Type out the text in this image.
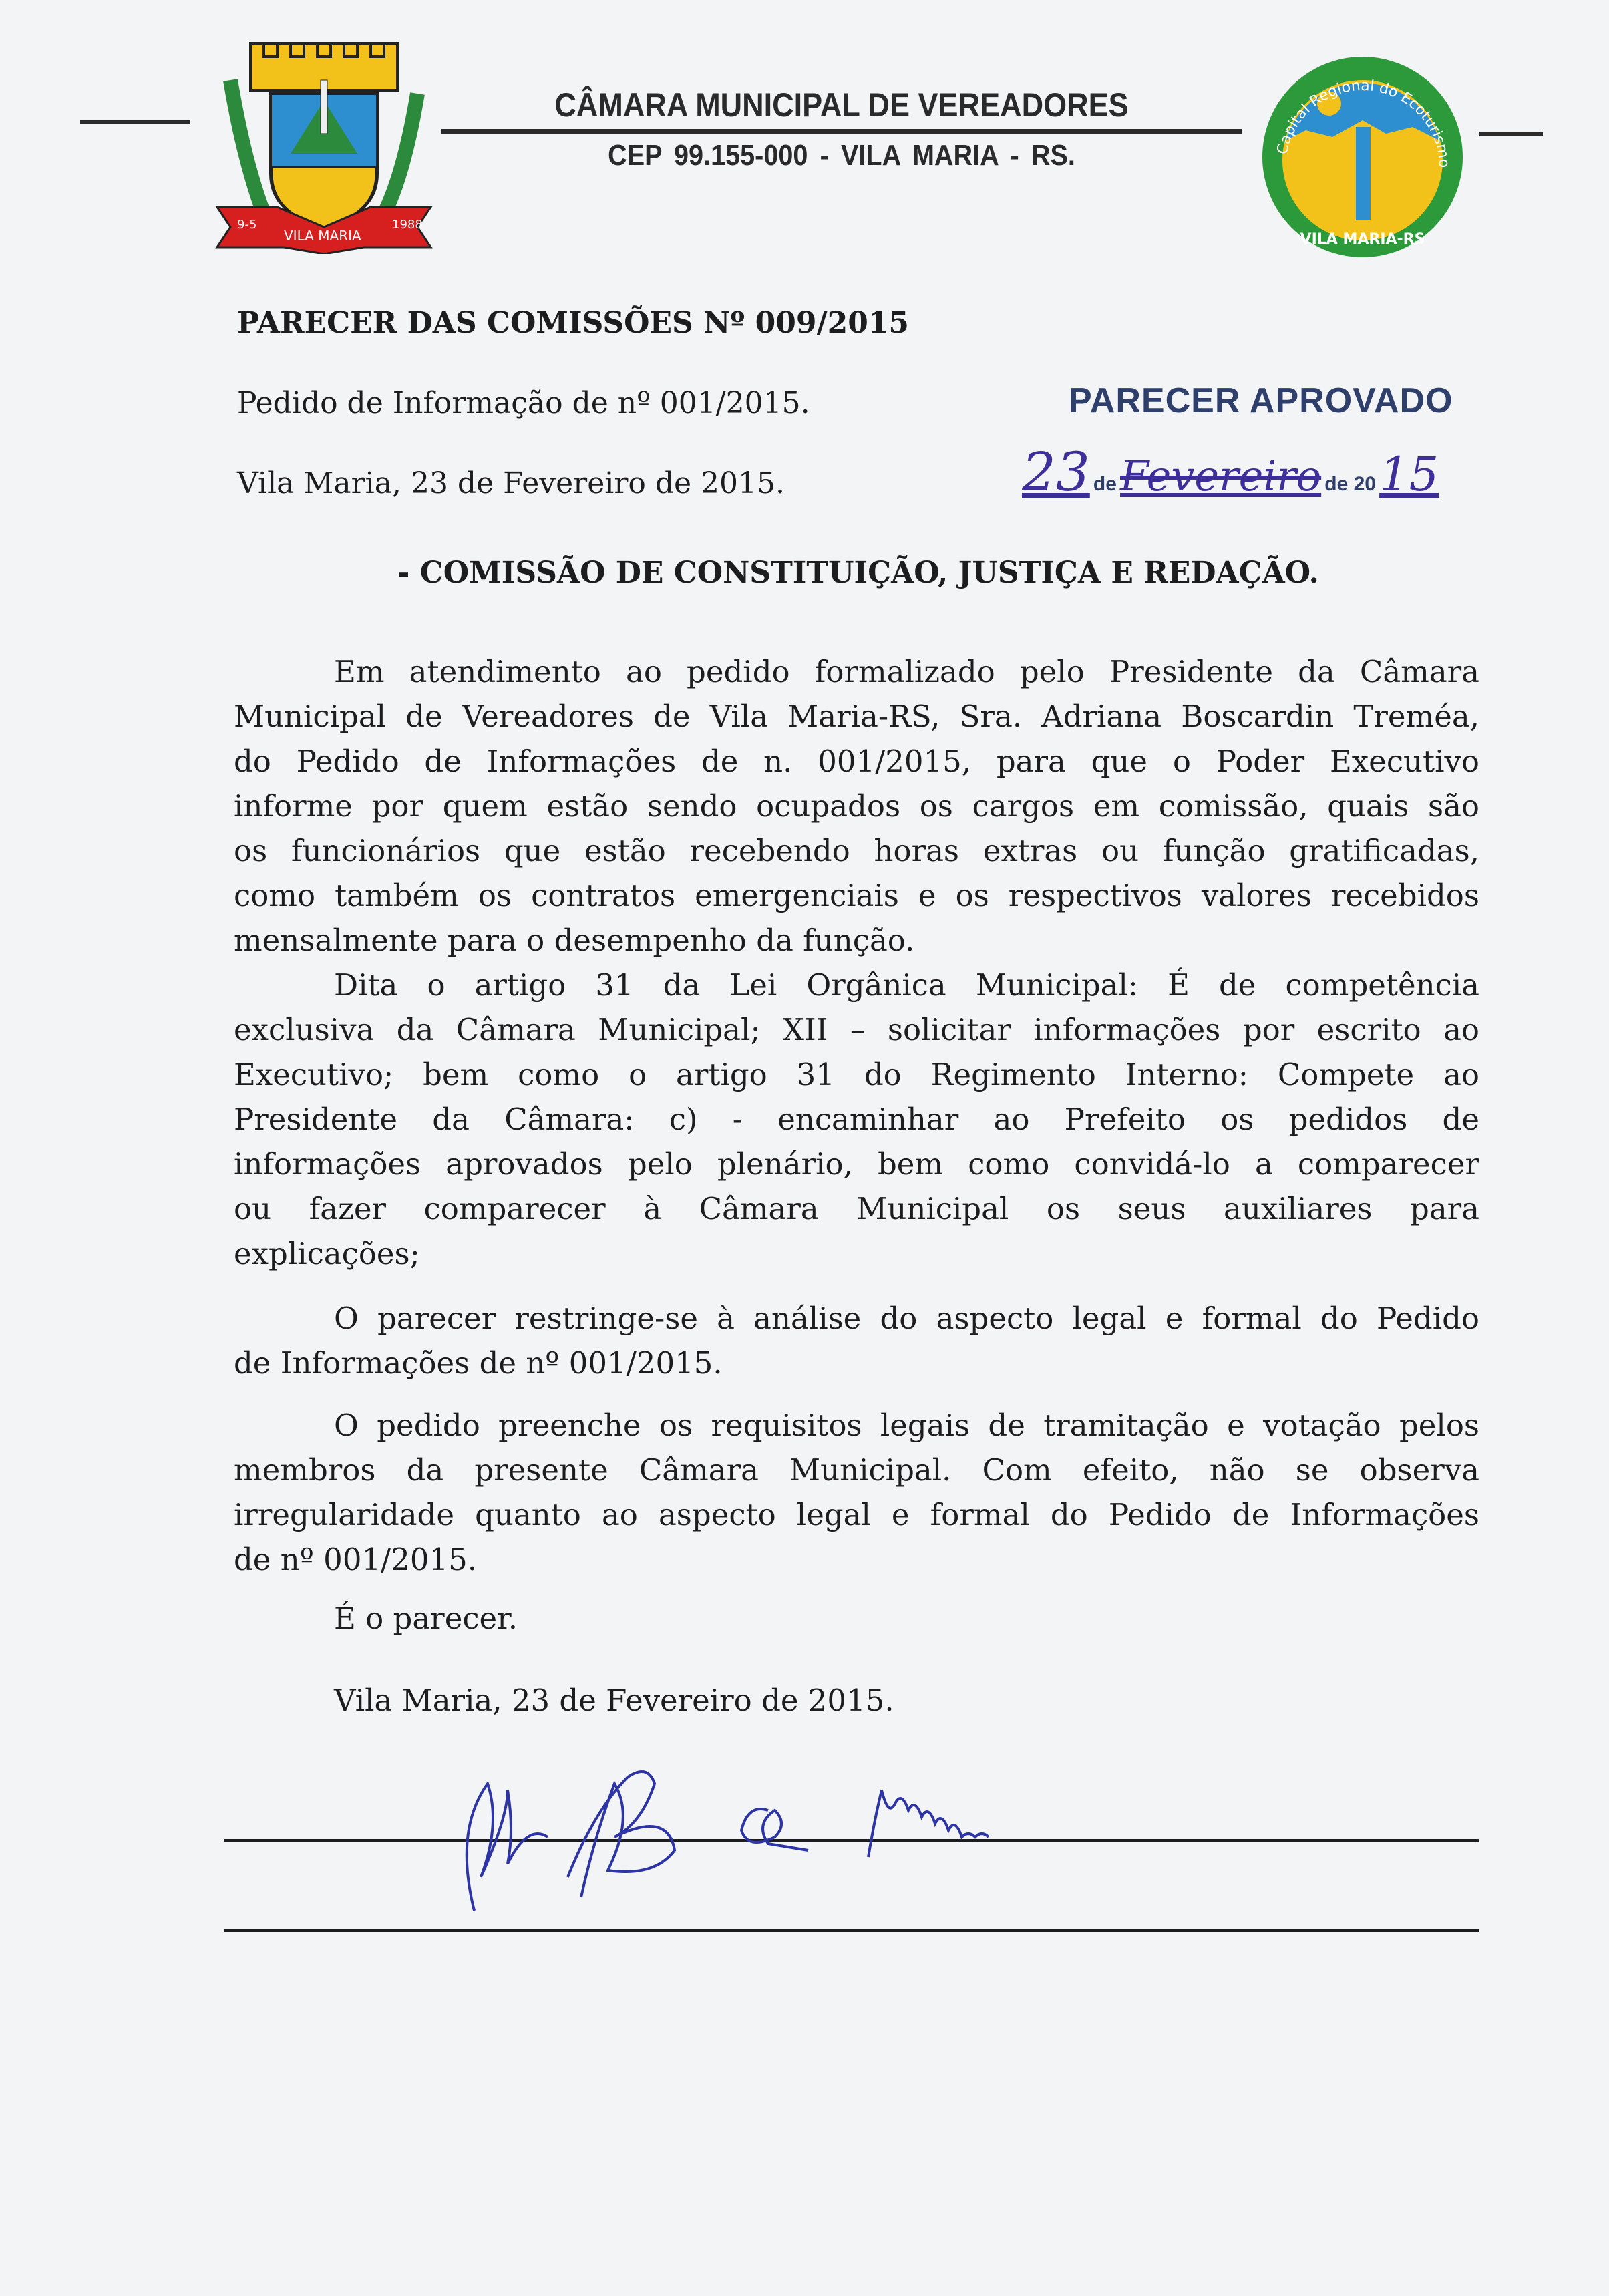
9-5
VILA MARIA
1988
CÂMARA MUNICIPAL DE VEREADORES
CEP 99.155-000 - VILA MARIA - RS.	Capital Regional do Ecoturismo
VILA MARIA-RS
PARECER DAS COMISSÕES Nº 009/2015
Pedido de Informação de nº 001/2015.
Vila Maria, 23 de Fevereiro de 2015.
PARECER APROVADO
23 de Fevereiro de 20 15
- COMISSÃO DE CONSTITUIÇÃO, JUSTIÇA E REDAÇÃO.
Em atendimento ao pedido formalizado pelo Presidente da Câmara
Municipal de Vereadores de Vila Maria-RS, Sra. Adriana Boscardin Treméa,
do Pedido de Informações de n. 001/2015, para que o Poder Executivo
informe por quem estão sendo ocupados os cargos em comissão, quais são
os funcionários que estão recebendo horas extras ou função gratificadas,
como também os contratos emergenciais e os respectivos valores recebidos
mensalmente para o desempenho da função.
Dita o artigo 31 da Lei Orgânica Municipal: É de competência
exclusiva da Câmara Municipal; XII – solicitar informações por escrito ao
Executivo; bem como o artigo 31 do Regimento Interno: Compete ao
Presidente da Câmara: c) - encaminhar ao Prefeito os pedidos de
informações aprovados pelo plenário, bem como convidá-lo a comparecer
ou fazer comparecer à Câmara Municipal os seus auxiliares para
explicações;
O parecer restringe-se à análise do aspecto legal e formal do Pedido
de Informações de nº 001/2015.
O pedido preenche os requisitos legais de tramitação e votação pelos
membros da presente Câmara Municipal. Com efeito, não se observa
irregularidade quanto ao aspecto legal e formal do Pedido de Informações
de nº 001/2015.
É o parecer.
Vila Maria, 23 de Fevereiro de 2015.
